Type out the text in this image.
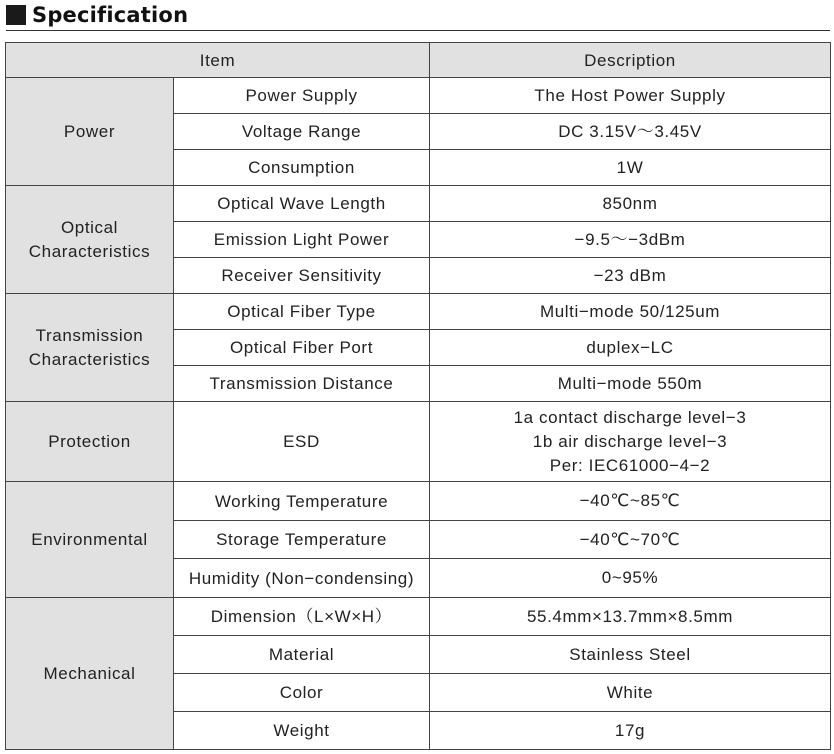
Specification
Item		Description

Power	Power Supply	The Host Power Supply

	Voltage Range	DC 3.15V～3.45V

	Consumption	1W

Optical
Characteristics	Optical Wave Length	850nm

	Emission Light Power	−9.5～−3dBm

	Receiver Sensitivity	−23 dBm

Transmission
Characteristics	Optical Fiber Type	Multi−mode 50/125um

	Optical Fiber Port	duplex−LC

	Transmission Distance	Multi−mode 550m

Protection	ESD	1a contact discharge level−3
1b air discharge level−3
Per: IEC61000−4−2

Environmental	Working Temperature	−40℃~85℃

	Storage Temperature	−40℃~70℃

	Humidity (Non−condensing)	0~95%

Mechanical	Dimension（L×W×H）	55.4mm×13.7mm×8.5mm

	Material	Stainless Steel

	Color	White

	Weight	17g
